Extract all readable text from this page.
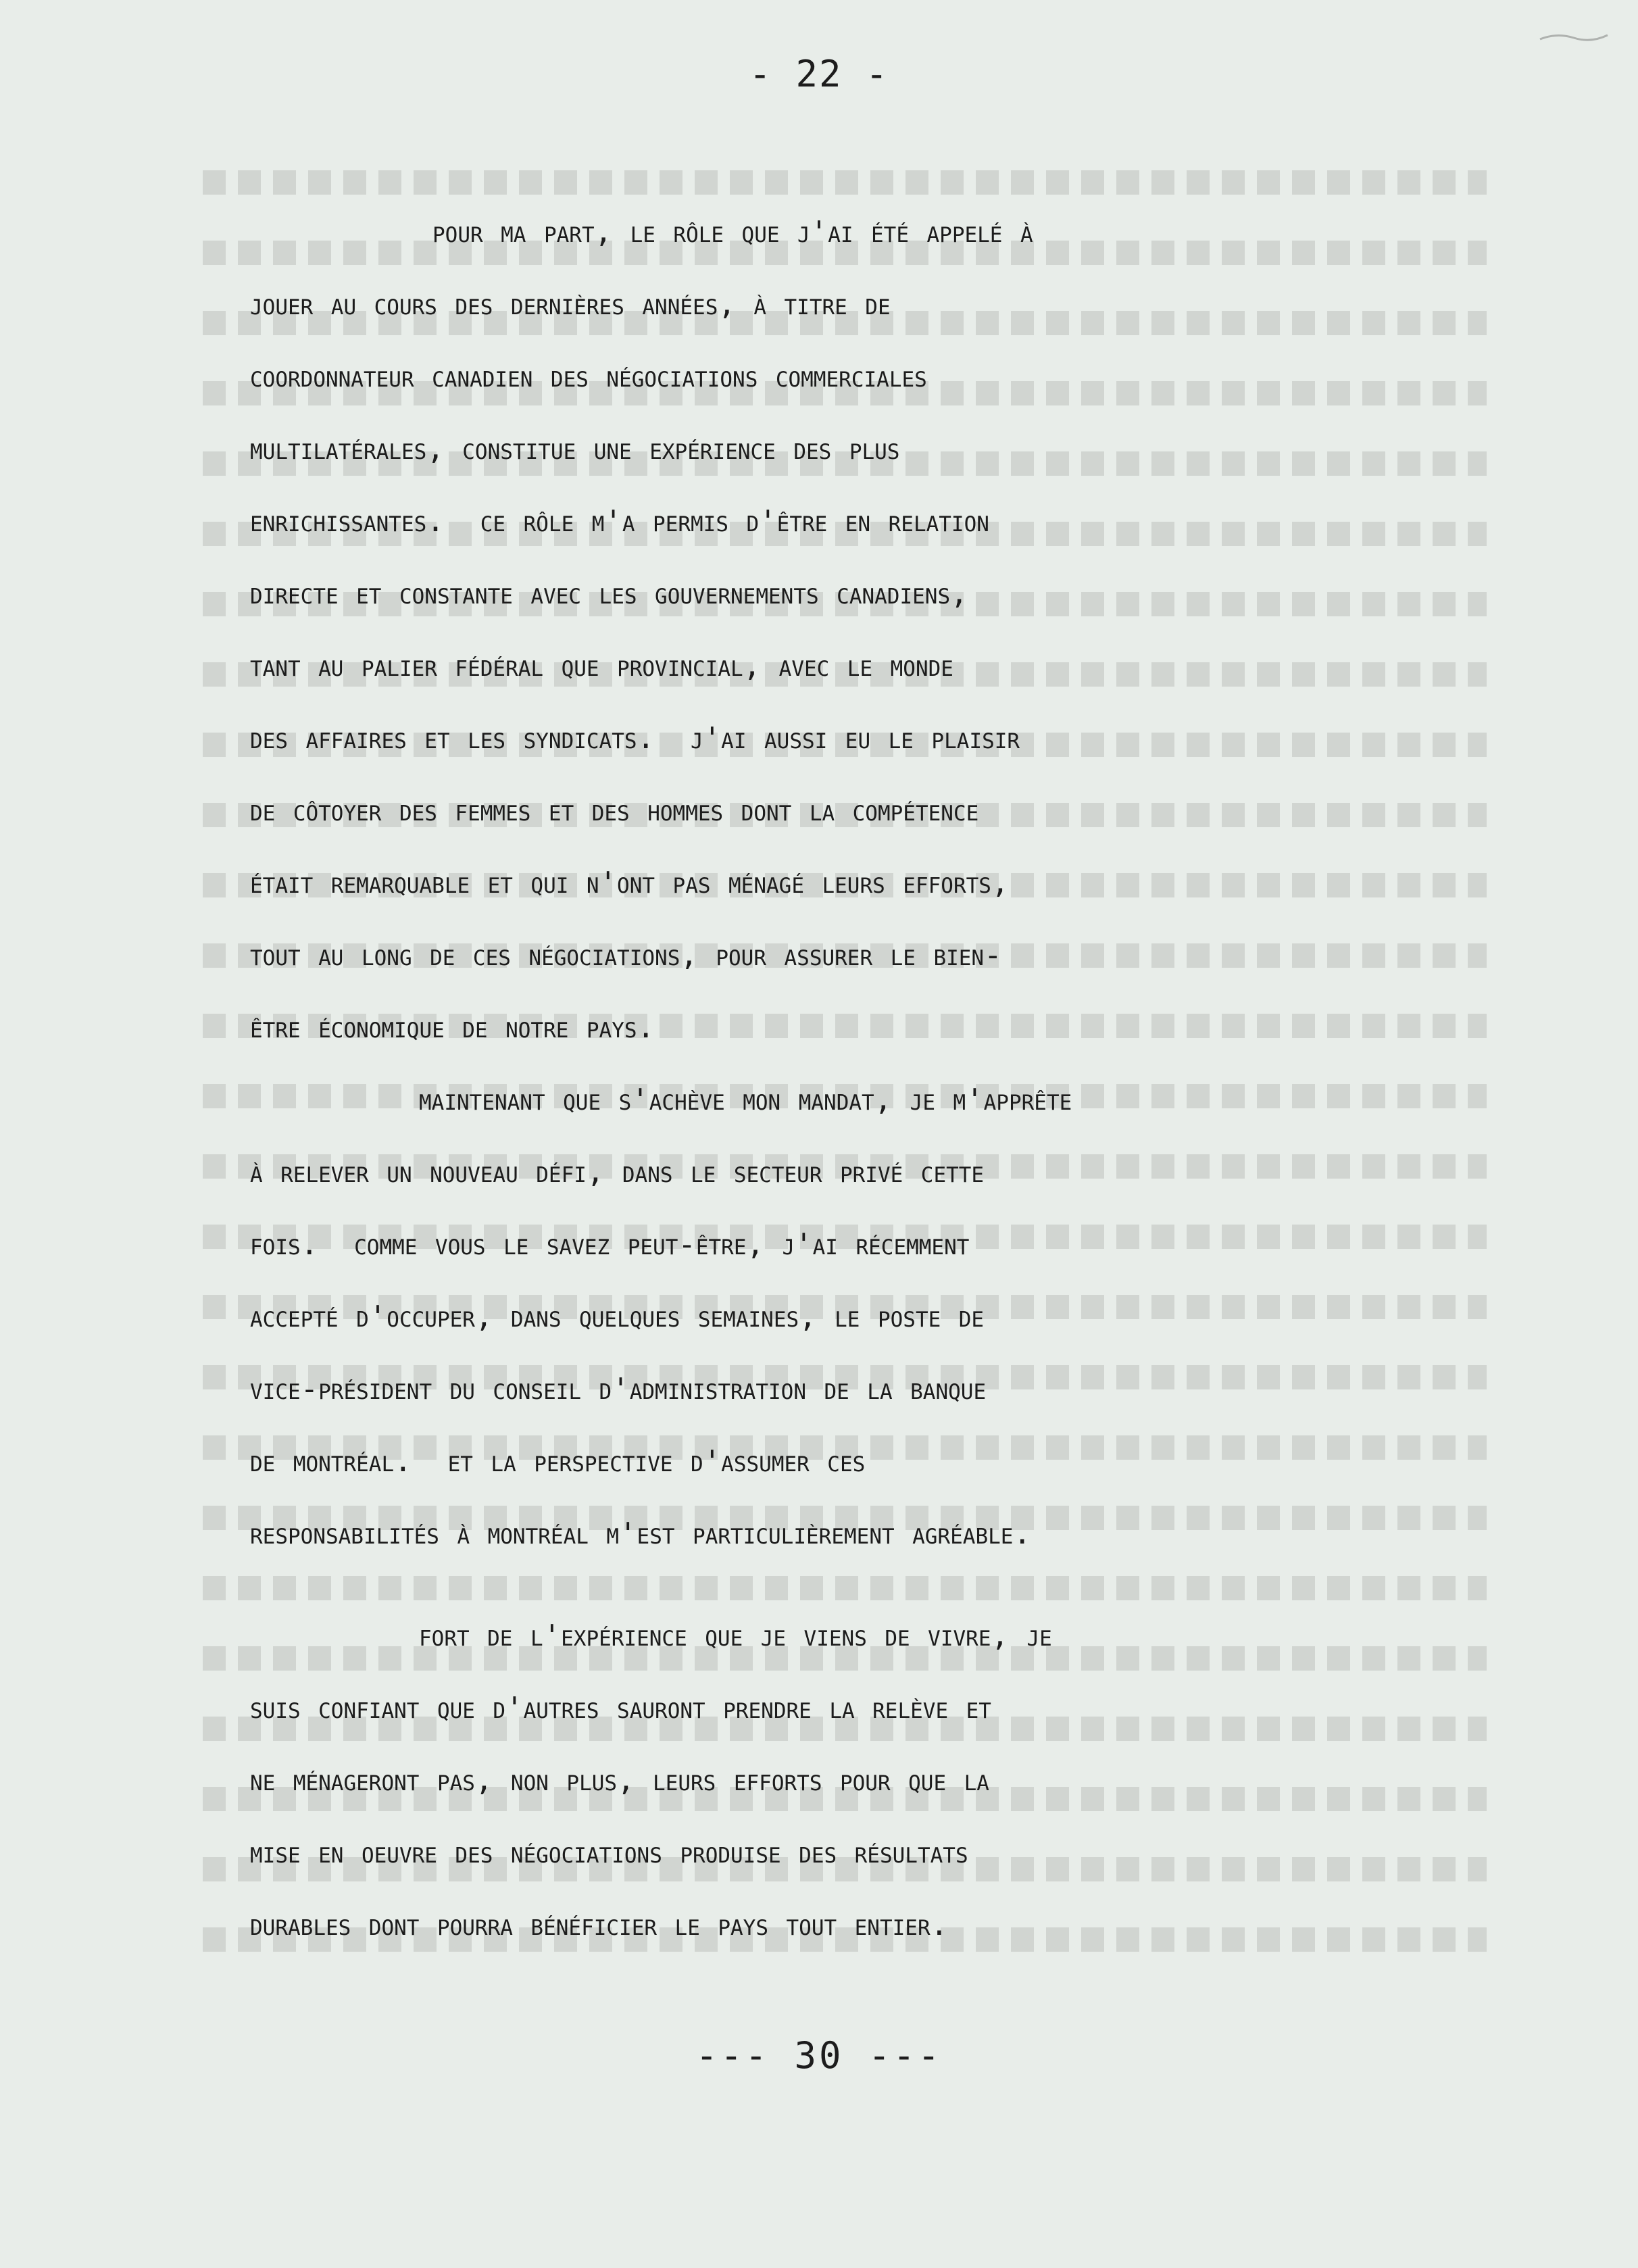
- 22 -
pour ma part, le rôle que j'ai été appelé à
jouer au cours des dernières années, à titre de
coordonnateur canadien des négociations commerciales
multilatérales, constitue une expérience des plus
enrichissantes.  ce rôle m'a permis d'être en relation
directe et constante avec les gouvernements canadiens,
tant au palier fédéral que provincial, avec le monde
des affaires et les syndicats.  j'ai aussi eu le plaisir
de côtoyer des femmes et des hommes dont la compétence
était remarquable et qui n'ont pas ménagé leurs efforts,
tout au long de ces négociations, pour assurer le bien-
être économique de notre pays.
maintenant que s'achève mon mandat, je m'apprête
à relever un nouveau défi, dans le secteur privé cette
fois.  comme vous le savez peut-être, j'ai récemment
accepté d'occuper, dans quelques semaines, le poste de
vice-président du conseil d'administration de la banque
de montréal.  et la perspective d'assumer ces
responsabilités à montréal m'est particulièrement agréable.
fort de l'expérience que je viens de vivre, je
suis confiant que d'autres sauront prendre la relève et
ne ménageront pas, non plus, leurs efforts pour que la
mise en oeuvre des négociations produise des résultats
durables dont pourra bénéficier le pays tout entier.
--- 30 ---
